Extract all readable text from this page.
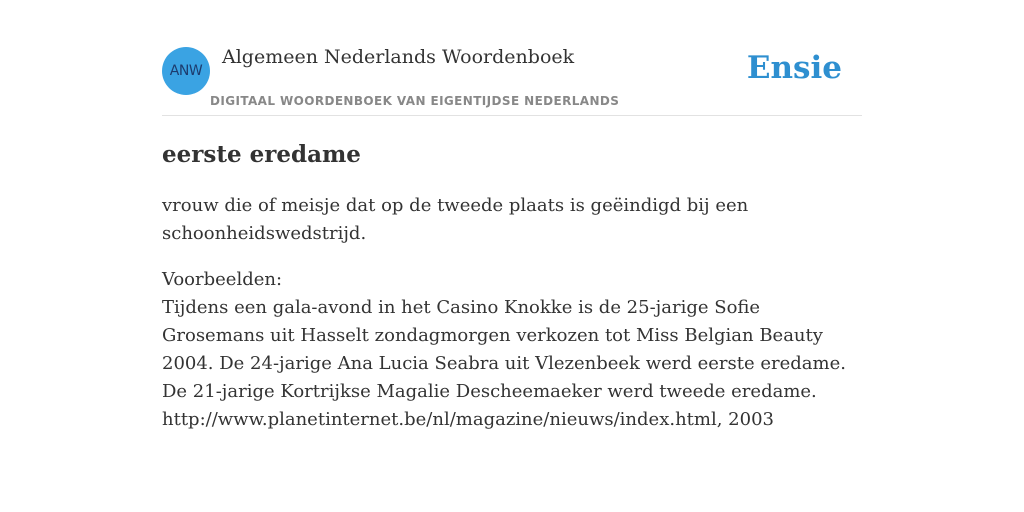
ANW
Algemeen Nederlands Woordenboek
DIGITAAL WOORDENBOEK VAN EIGENTIJDSE NEDERLANDS
Ensie
eerste eredame

vrouw die of meisje dat op de tweede plaats is geëindigd bij een schoonheidswedstrijd.

Voorbeelden:
Tijdens een gala-avond in het Casino Knokke is de 25-jarige Sofie Grosemans uit Hasselt zondagmorgen verkozen tot Miss Belgian Beauty 2004. De 24-jarige Ana Lucia Seabra uit Vlezenbeek werd eerste eredame. De 21-jarige Kortrijkse Magalie Descheemaeker werd tweede eredame.
http://www.planetinternet.be/nl/magazine/nieuws/index.html, 2003
